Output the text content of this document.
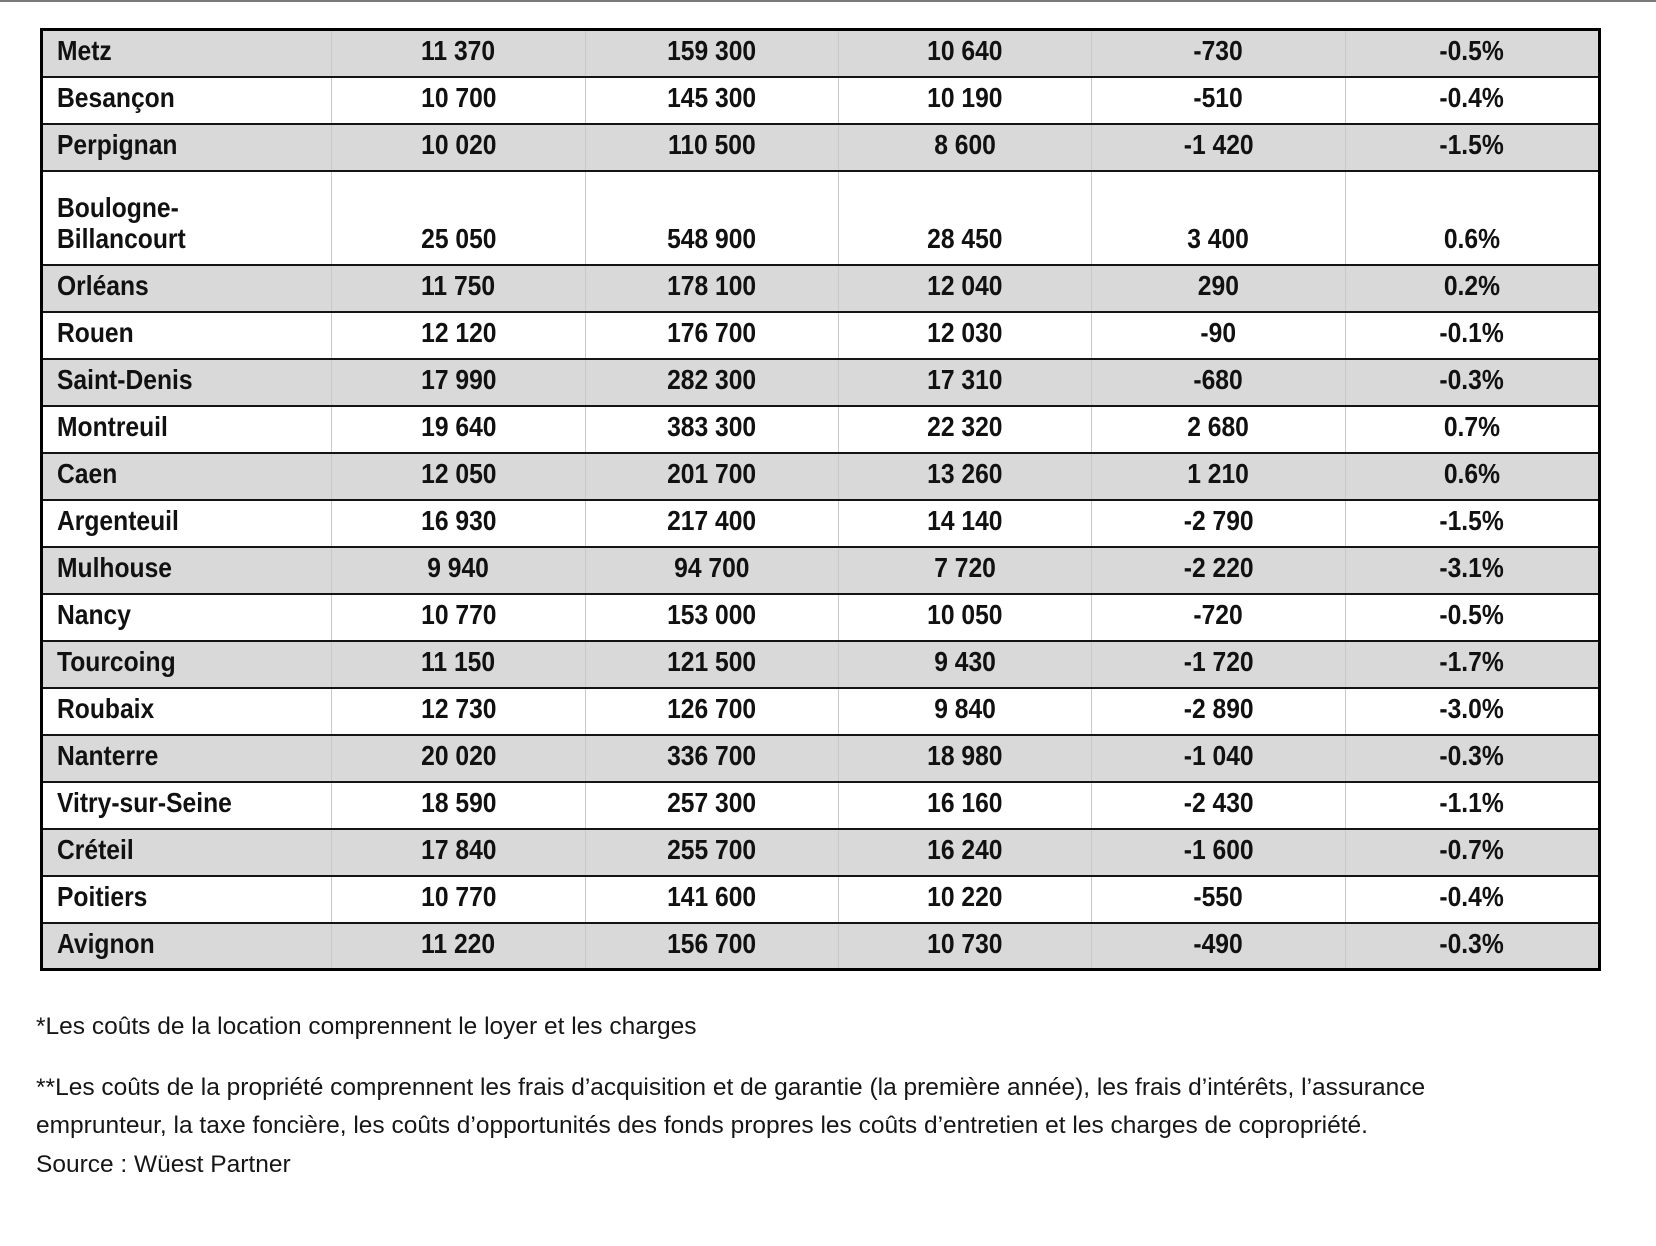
Metz	11 370	159 300	10 640	-730	-0.5%
Besançon	10 700	145 300	10 190	-510	-0.4%
Perpignan	10 020	110 500	8 600	-1 420	-1.5%
Boulogne-Billancourt	25 050	548 900	28 450	3 400	0.6%
Orléans	11 750	178 100	12 040	290	0.2%
Rouen	12 120	176 700	12 030	-90	-0.1%
Saint-Denis	17 990	282 300	17 310	-680	-0.3%
Montreuil	19 640	383 300	22 320	2 680	0.7%
Caen	12 050	201 700	13 260	1 210	0.6%
Argenteuil	16 930	217 400	14 140	-2 790	-1.5%
Mulhouse	9 940	94 700	7 720	-2 220	-3.1%
Nancy	10 770	153 000	10 050	-720	-0.5%
Tourcoing	11 150	121 500	9 430	-1 720	-1.7%
Roubaix	12 730	126 700	9 840	-2 890	-3.0%
Nanterre	20 020	336 700	18 980	-1 040	-0.3%
Vitry-sur-Seine	18 590	257 300	16 160	-2 430	-1.1%
Créteil	17 840	255 700	16 240	-1 600	-0.7%
Poitiers	10 770	141 600	10 220	-550	-0.4%
Avignon	11 220	156 700	10 730	-490	-0.3%

*Les coûts de la location comprennent le loyer et les charges

**Les coûts de la propriété comprennent les frais d’acquisition et de garantie (la première année), les frais d’intérêts, l’assurance emprunteur, la taxe foncière, les coûts d’opportunités des fonds propres les coûts d’entretien et les charges de copropriété.

Source : Wüest Partner
